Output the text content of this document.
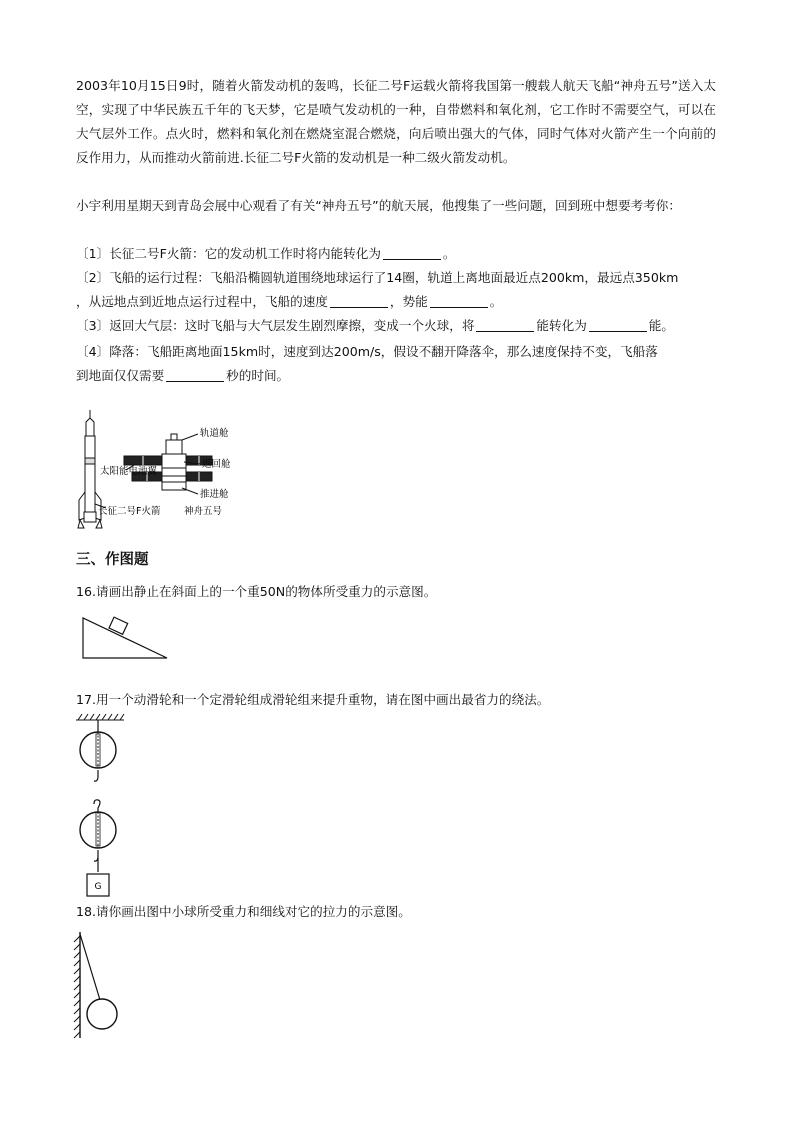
2003年10月15日9时，随着火箭发动机的轰鸣，长征二号F运载火箭将我国第一艘载人航天飞船“神舟五号”送入太空，实现了中华民族五千年的飞天梦，它是喷气发动机的一种，自带燃料和氧化剂，它工作时不需要空气，可以在大气层外工作。点火时，燃料和氧化剂在燃烧室混合燃烧，向后喷出强大的气体，同时气体对火箭产生一个向前的反作用力，从而推动火箭前进.长征二号F火箭的发动机是一种二级火箭发动机。

小宇利用星期天到青岛会展中心观看了有关“神舟五号”的航天展，他搜集了一些问题，回到班中想要考考你：

〔1〕长征二号F火箭：它的发动机工作时将内能转化为	。

〔2〕飞船的运行过程：飞船沿椭圆轨道围绕地球运行了14圈，轨道上离地面最近点200km，最远点350km

，从远地点到近地点运行过程中，飞船的速度	，势能	。

〔3〕返回大气层：这时飞船与大气层发生剧烈摩擦，变成一个火球，将	能转化为	能。

〔4〕降落：飞船距离地面15km时，速度到达200m/s，假设不翻开降落伞，那么速度保持不变，飞船落

到地面仅仅需要	秒的时间。

轨道舱
返回舱
推进舱
太阳能电池翼
长征二号F火箭 神舟五号
三、作图题

16.请画出静止在斜面上的一个重50N的物体所受重力的示意图。

17.用一个动滑轮和一个定滑轮组成滑轮组来提升重物，请在图中画出最省力的绕法。

G

18.请你画出图中小球所受重力和细线对它的拉力的示意图。
